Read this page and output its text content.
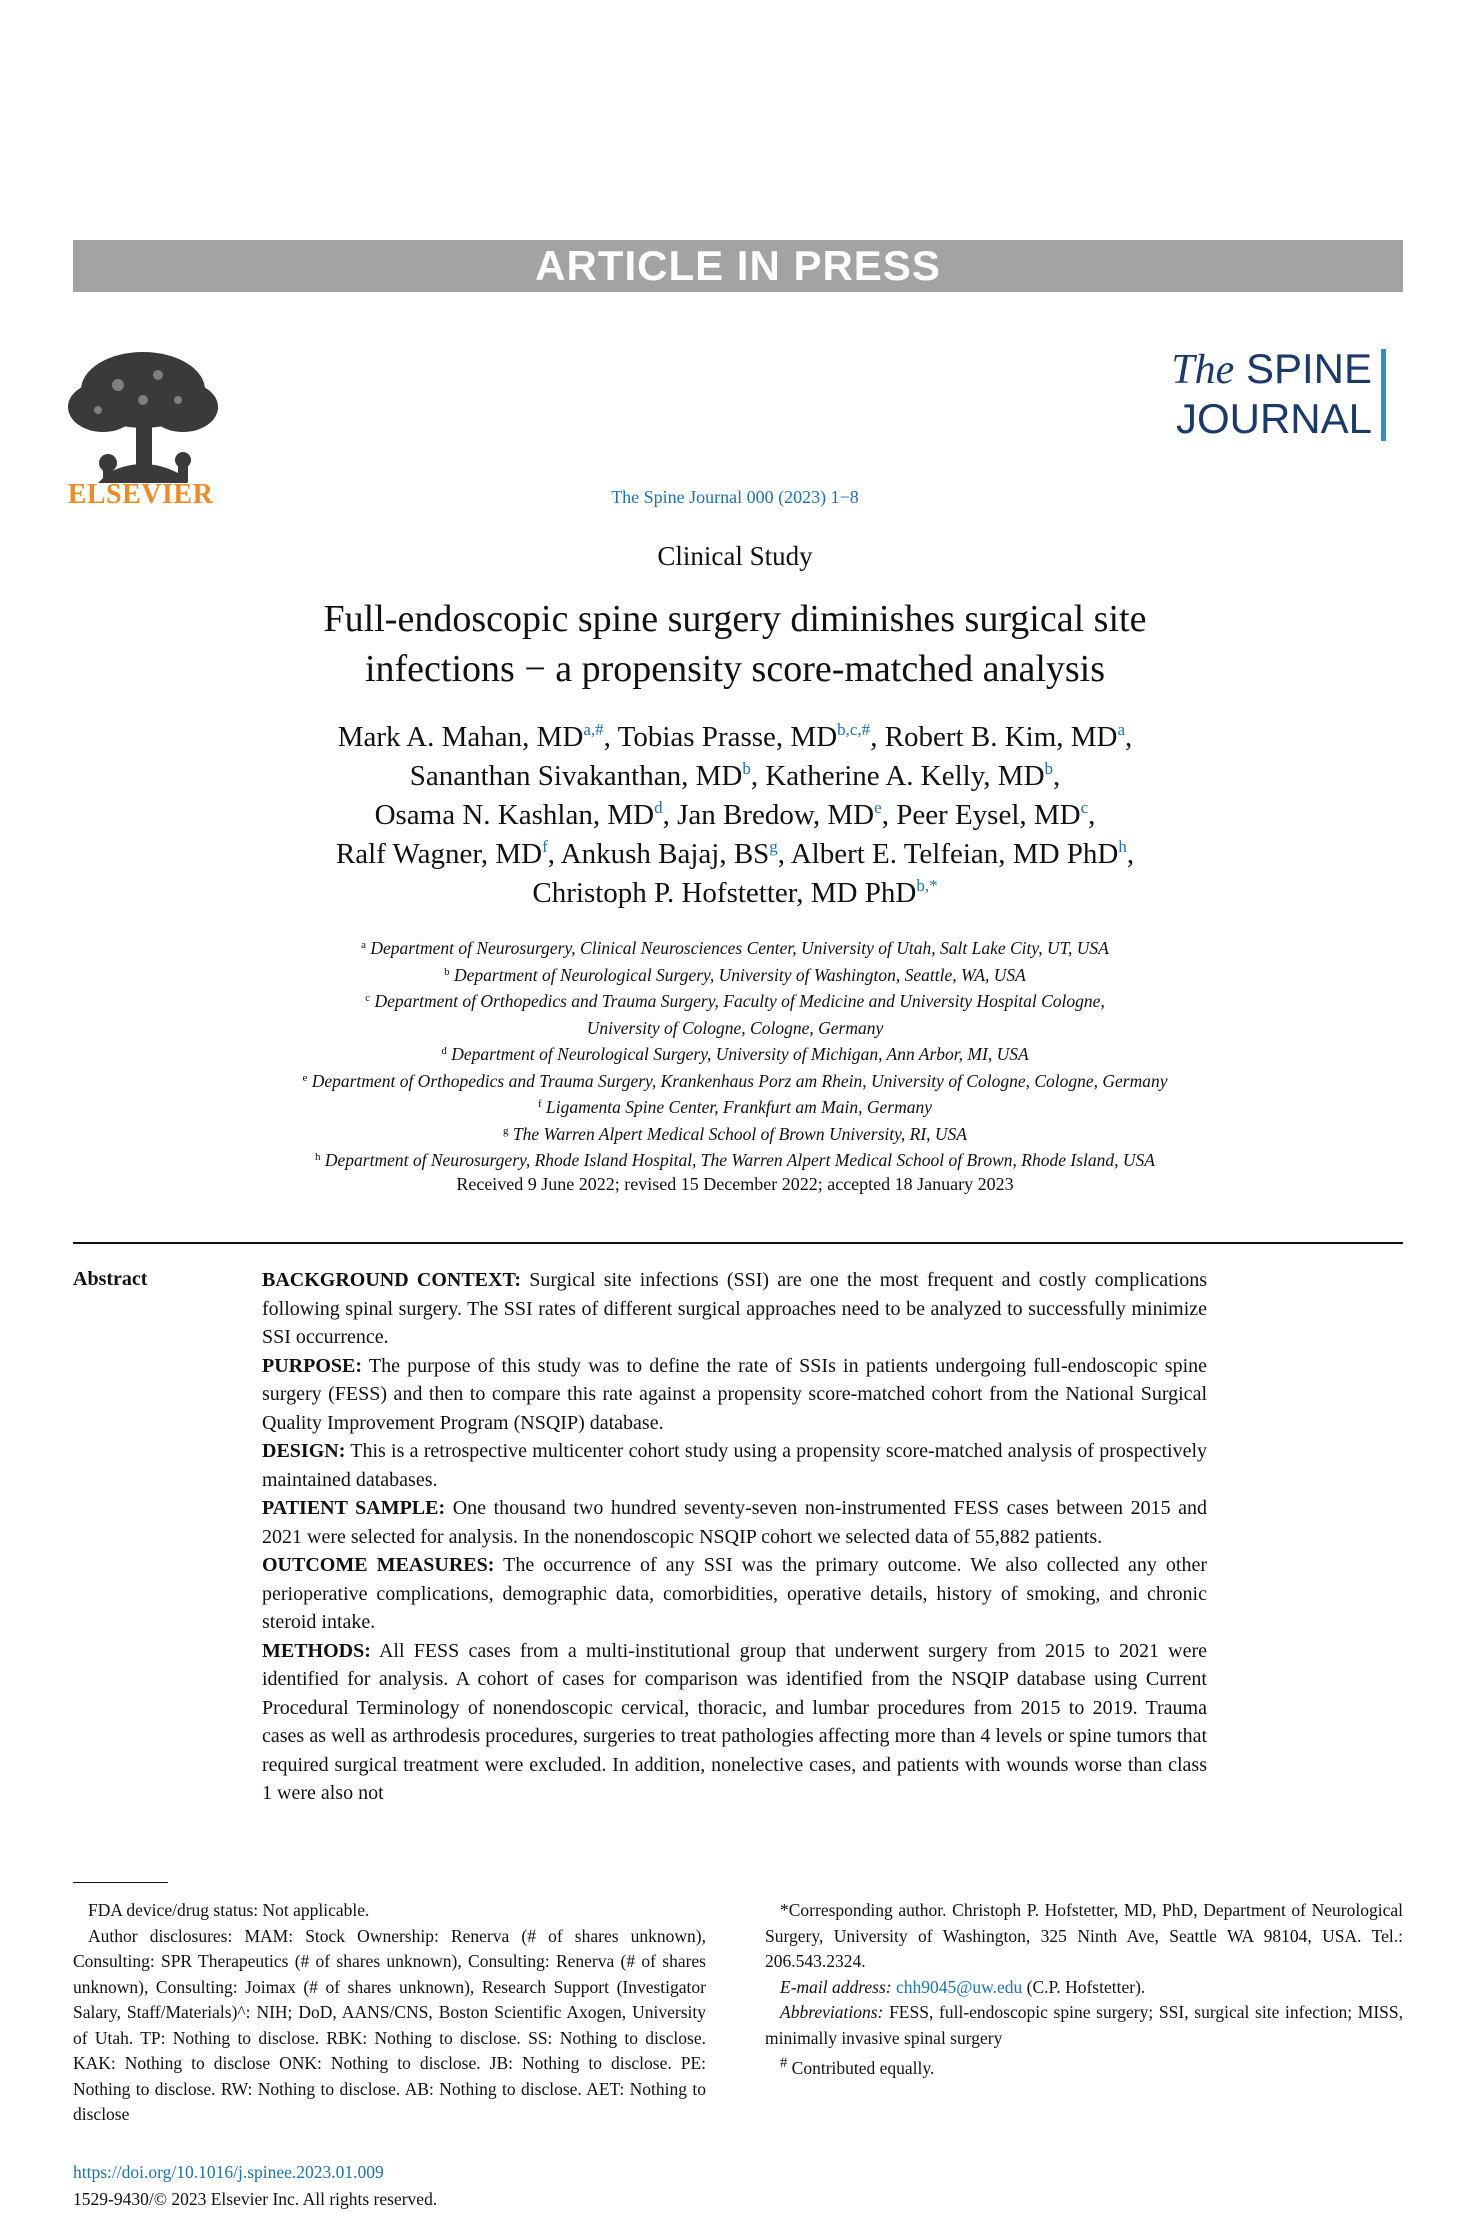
ARTICLE IN PRESS
ELSEVIER
The SPINE
JOURNAL
The Spine Journal 000 (2023) 1−8
Clinical Study
Full-endoscopic spine surgery diminishes surgical site
infections − a propensity score-matched analysis
Mark A. Mahan, $MD^{a,\#}$, Tobias Prasse, $MD^{b,c,\#}$, Robert B. Kim, $MD^a$,
Sananthan Sivakanthan, $MD^b$, Katherine A. Kelly, $MD^b$,
Osama N. Kashlan, $MD^d$, Jan Bredow, MDe, Peer Eysel, $MD^c$,
Ralf Wagner, $MD^f$, Ankush Bajaj, $BS^g$, Albert E. Telfeian, MD PhD$^h$,
Christoph P. Hofstetter, MD PhD$^{b,*}$
$^a$ Department of Neurosurgery, Clinical Neurosciences Center, University of Utah, Salt Lake City, UT, USA
$^b$ Department of Neurological Surgery, University of Washington, Seattle, WA, USA
$^c$ Department of Orthopedics and Trauma Surgery, Faculty of Medicine and University Hospital Cologne,
University of Cologne, Cologne, Germany
$^d$ Department of Neurological Surgery, University of Michigan, Ann Arbor, MI, USA
$^e$ Department of Orthopedics and Trauma Surgery, Krankenhaus Porz am Rhein, University of Cologne, Cologne, Germany
$^f$ Ligamenta Spine Center, Frankfurt am Main, Germany
$^g$ The Warren Alpert Medical School of Brown University, RI, USA
$^h$ Department of Neurosurgery, Rhode Island Hospital, The Warren Alpert Medical School of Brown, Rhode Island, USA
Received 9 June 2022; revised 15 December 2022; accepted 18 January 2023
Abstract	BACKGROUND CONTEXT: Surgical site infections (SSI) are one the most frequent and costly complications following spinal surgery. The SSI rates of different surgical approaches need to be analyzed to successfully minimize SSI occurrence.

PURPOSE: The purpose of this study was to define the rate of SSIs in patients undergoing full-endoscopic spine surgery (FESS) and then to compare this rate against a propensity score-matched cohort from the National Surgical Quality Improvement Program (NSQIP) database.

DESIGN: This is a retrospective multicenter cohort study using a propensity score-matched analysis of prospectively maintained databases.

PATIENT SAMPLE: One thousand two hundred seventy-seven non-instrumented FESS cases between 2015 and 2021 were selected for analysis. In the nonendoscopic NSQIP cohort we selected data of 55,882 patients.

OUTCOME MEASURES: The occurrence of any SSI was the primary outcome. We also collected any other perioperative complications, demographic data, comorbidities, operative details, history of smoking, and chronic steroid intake.

METHODS: All FESS cases from a multi-institutional group that underwent surgery from 2015 to 2021 were identified for analysis. A cohort of cases for comparison was identified from the NSQIP database using Current Procedural Terminology of nonendoscopic cervical, thoracic, and lumbar procedures from 2015 to 2019. Trauma cases as well as arthrodesis procedures, surgeries to treat pathologies affecting more than 4 levels or spine tumors that required surgical treatment were excluded. In addition, nonelective cases, and patients with wounds worse than class 1 were also not

FDA device/drug status: Not applicable.

Author disclosures: MAM: Stock Ownership: Renerva (# of shares unknown), Consulting: SPR Therapeutics (# of shares unknown), Consulting: Renerva (# of shares unknown), Consulting: Joimax (# of shares unknown), Research Support (Investigator Salary, Staff/Materials)^: NIH; DoD, AANS/CNS, Boston Scientific Axogen, University of Utah. TP: Nothing to disclose. RBK: Nothing to disclose. SS: Nothing to disclose. KAK: Nothing to disclose ONK: Nothing to disclose. JB: Nothing to disclose. PE: Nothing to disclose. RW: Nothing to disclose. AB: Nothing to disclose. AET: Nothing to disclose

*Corresponding author. Christoph P. Hofstetter, MD, PhD, Department of Neurological Surgery, University of Washington, 325 Ninth Ave, Seattle WA 98104, USA. Tel.: 206.543.2324.

E-mail address: chh9045@uw.edu (C.P. Hofstetter).

Abbreviations: FESS, full-endoscopic spine surgery; SSI, surgical site infection; MISS, minimally invasive spinal surgery

# Contributed equally.

https://doi.org/10.1016/j.spinee.2023.01.009
1529-9430/© 2023 Elsevier Inc. All rights reserved.
